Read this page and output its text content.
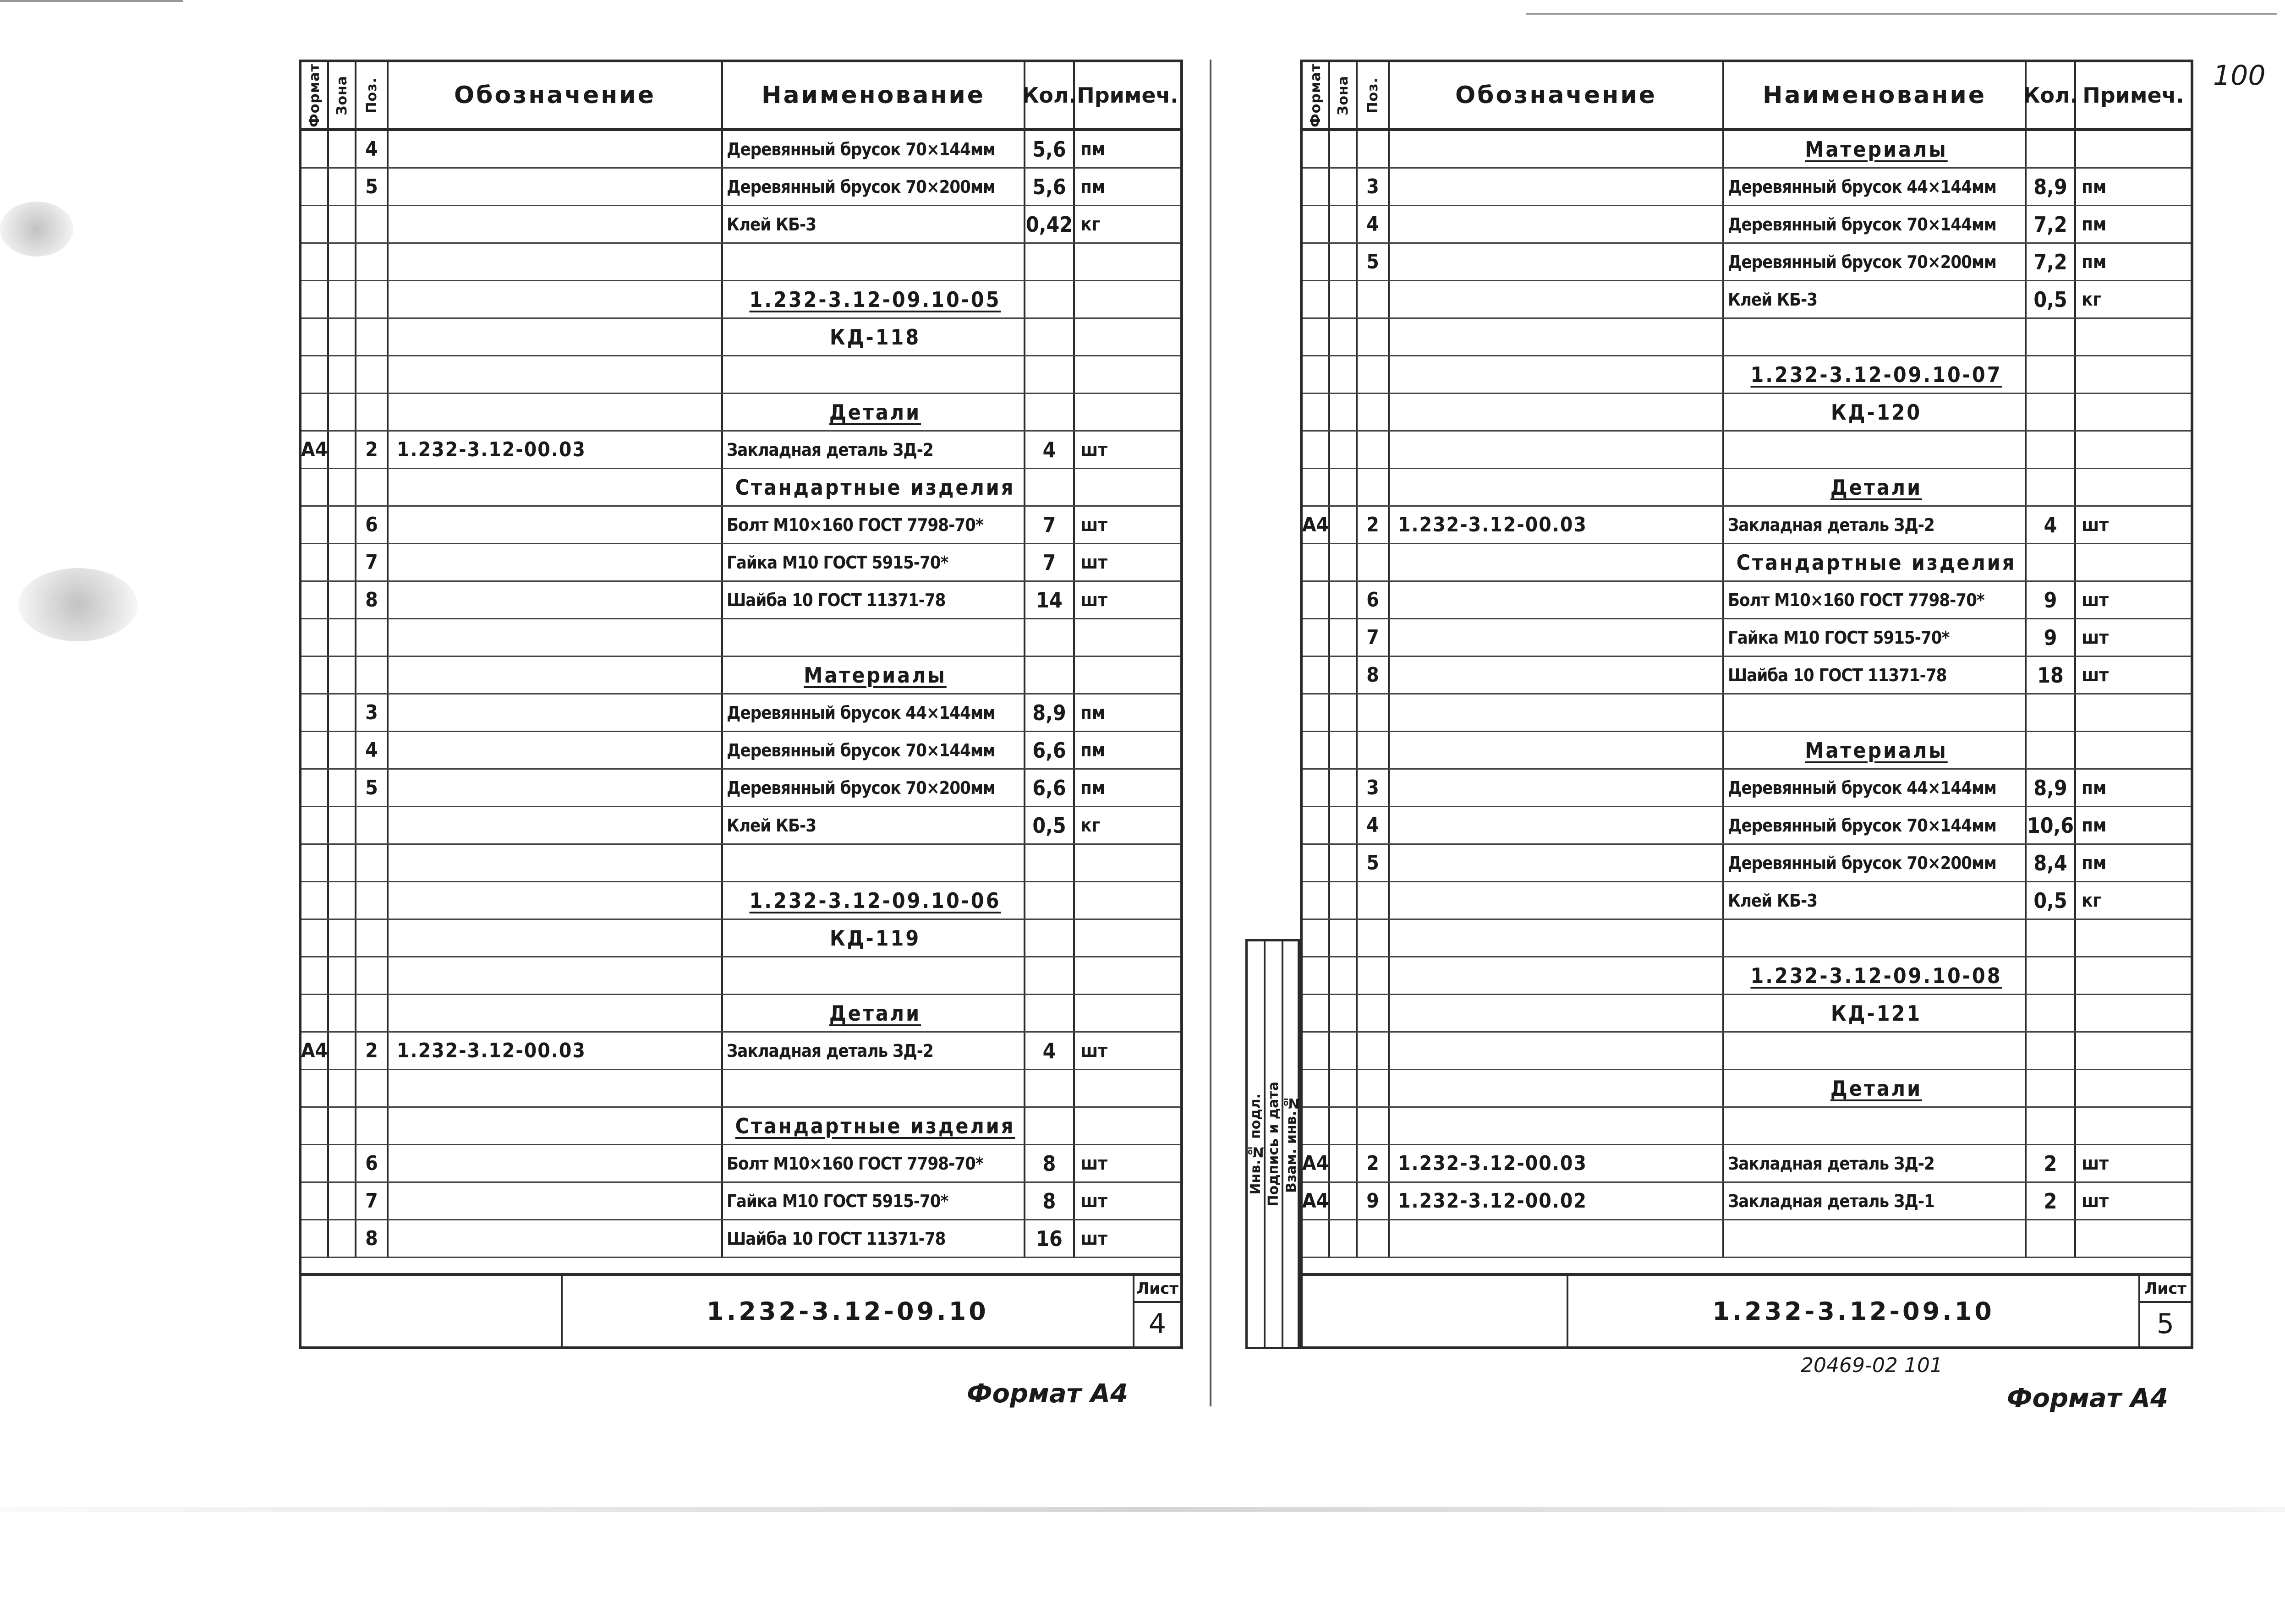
Формат Зона Поз.	Обозначение	Наименование Кол. Примеч.
4	Деревянный брусок 70×144мм 5,6 пм
5	Деревянный брусок 70×200мм 5,6 пм
Клей КБ-3	0,42 кг
1.232-3.12-09.10-05
КД-118
Детали
А4 2 1.232-3.12-00.03	Закладная деталь ЗД-2	4 шт
Стандартные изделия
6	Болт М10×160 ГОСТ 7798-70*	7 шт
7	Гайка М10 ГОСТ 5915-70*	7 шт
8	Шайба 10 ГОСТ 11371-78	14 шт
Материалы
3	Деревянный брусок 44×144мм 8,9 пм
4	Деревянный брусок 70×144мм 6,6 пм
5	Деревянный брусок 70×200мм 6,6 пм
Клей КБ-3	0,5 кг
1.232-3.12-09.10-06
КД-119
Детали
А4 2 1.232-3.12-00.03	Закладная деталь ЗД-2	4 шт
Стандартные изделия
6	Болт М10×160 ГОСТ 7798-70*	8 шт
7	Гайка М10 ГОСТ 5915-70*	8 шт
8	Шайба 10 ГОСТ 11371-78	16 шт
1.232-3.12-09.10
Лист
4
Инв.№ подл. Подпись и дата Взам. инв.№
Формат Зона Поз.	Обозначение	Наименование Кол. Примеч.
Материалы
3	Деревянный брусок 44×144мм 8,9 пм
4	Деревянный брусок 70×144мм 7,2 пм
5	Деревянный брусок 70×200мм 7,2 пм
Клей КБ-3	0,5 кг
1.232-3.12-09.10-07
КД-120
Детали
А4 2 1.232-3.12-00.03	Закладная деталь ЗД-2	4 шт
Стандартные изделия
6	Болт М10×160 ГОСТ 7798-70*	9 шт
7	Гайка М10 ГОСТ 5915-70*	9 шт
8	Шайба 10 ГОСТ 11371-78	18 шт
Материалы
3	Деревянный брусок 44×144мм 8,9 пм
4	Деревянный брусок 70×144мм 10,6 пм
5	Деревянный брусок 70×200мм 8,4 пм
Клей КБ-3	0,5 кг
1.232-3.12-09.10-08
КД-121
Детали
А4 2 1.232-3.12-00.03	Закладная деталь ЗД-2	2 шт
А4 9 1.232-3.12-00.02	Закладная деталь ЗД-1	2 шт
1.232-3.12-09.10
Лист
5
Формат А4	Формат А4
20469-02 101
100
